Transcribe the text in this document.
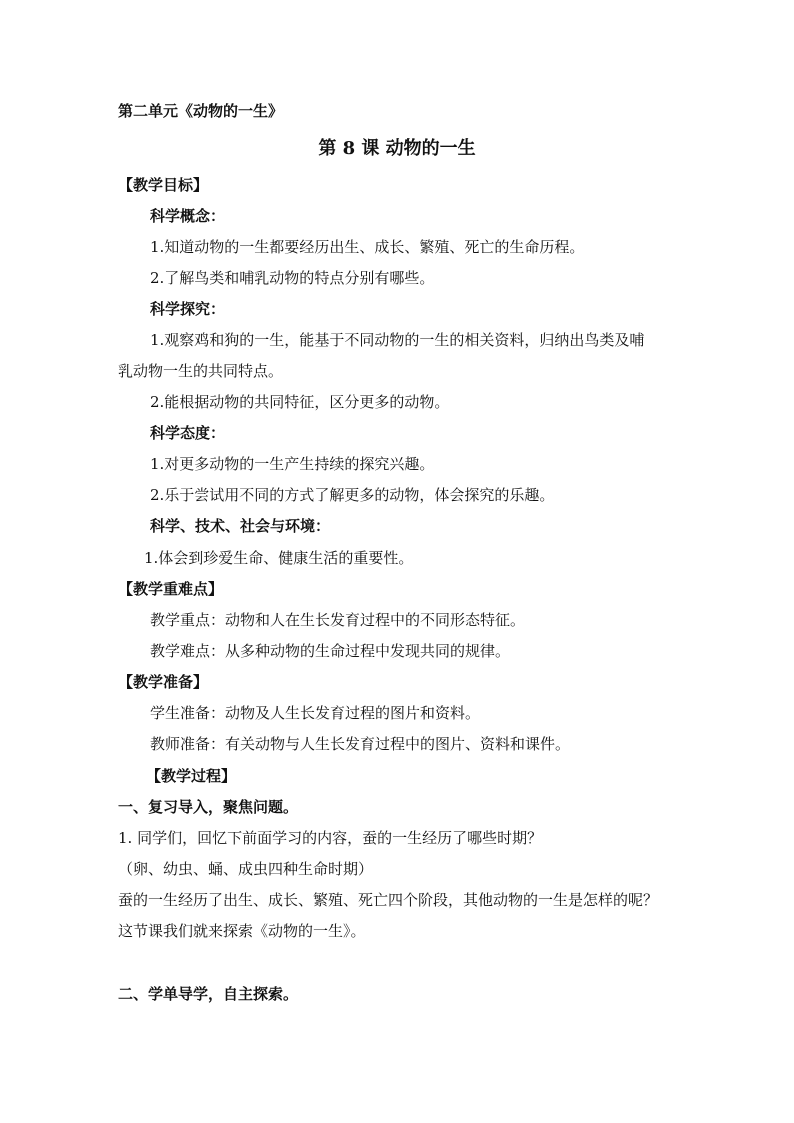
第二单元《动物的一生》
第 8 课 动物的一生
【教学目标】
科学概念：
1.知道动物的一生都要经历出生、成长、繁殖、死亡的生命历程。
2.了解鸟类和哺乳动物的特点分别有哪些。
科学探究：
1.观察鸡和狗的一生，能基于不同动物的一生的相关资料，归纳出鸟类及哺
乳动物一生的共同特点。
2.能根据动物的共同特征，区分更多的动物。
科学态度：
1.对更多动物的一生产生持续的探究兴趣。
2.乐于尝试用不同的方式了解更多的动物，体会探究的乐趣。
科学、技术、社会与环境：
1.体会到珍爱生命、健康生活的重要性。
【教学重难点】
教学重点：动物和人在生长发育过程中的不同形态特征。
教学难点：从多种动物的生命过程中发现共同的规律。
【教学准备】
学生准备：动物及人生长发育过程的图片和资料。
教师准备：有关动物与人生长发育过程中的图片、资料和课件。
【教学过程】
一、复习导入，聚焦问题。
1. 同学们，回忆下前面学习的内容，蚕的一生经历了哪些时期？
（卵、幼虫、蛹、成虫四种生命时期）
蚕的一生经历了出生、成长、繁殖、死亡四个阶段，其他动物的一生是怎样的呢？
这节课我们就来探索《动物的一生》。
二、学单导学，自主探索。
